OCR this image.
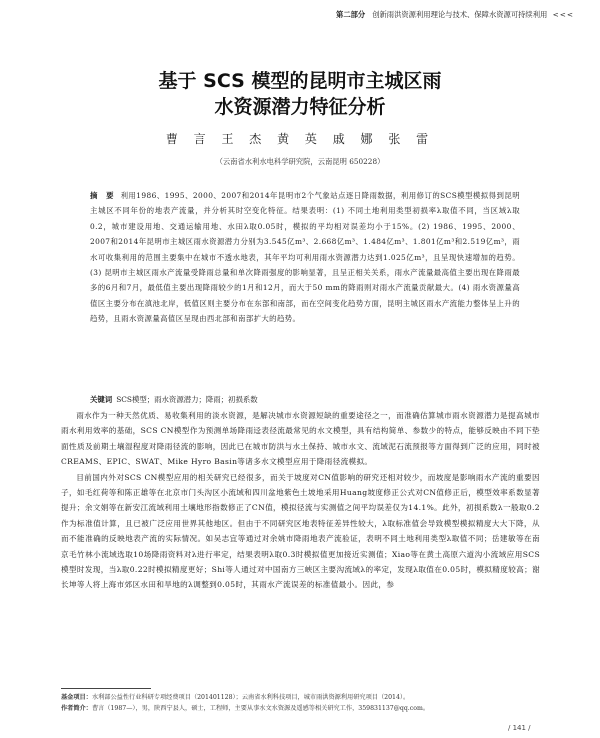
第二部分 创新雨洪资源利用理论与技术、保障水资源可持续利用 <<<
基于 SCS 模型的昆明市主城区雨
水资源潜力特征分析
曹 言 王 杰 黄 英 戚 娜 张 雷
（云南省水利水电科学研究院，云南昆明 650228）
摘 要 利用1986、1995、2000、2007和2014年昆明市2个气象站点逐日降雨数据，利用修订的SCS模型模拟得到昆明主城区不同年份的地表产流量，并分析其时空变化特征。结果表明：(1) 不同土地利用类型初损率λ取值不同，当区域λ取0.2，城市建设用地、交通运输用地、水田λ取0.05时，模拟的平均相对误差均小于15%。(2) 1986、1995、2000、2007和2014年昆明市主城区雨水资源潜力分别为3.545亿m³、2.668亿m³、1.484亿m³、1.801亿m³和2.519亿m³，雨水可收集利用的范围主要集中在城市不透水地表，其年平均可利用雨水资源潜力达到1.025亿m³，且呈现快速增加的趋势。(3) 昆明市主城区雨水产流量受降雨总量和单次降雨强度的影响显著，且呈正相关关系，雨水产流量最高值主要出现在降雨最多的6月和7月，最低值主要出现降雨较少的1月和12月，而大于50 mm的降雨则对雨水产流量贡献最大。(4) 雨水资源量高值区主要分布在滇池北岸，低值区则主要分布在东部和南部，而在空间变化趋势方面，昆明主城区雨水产流能力整体呈上升的趋势，且雨水资源量高值区呈现由西北部和南部扩大的趋势。
关键词 SCS模型；雨水资源潜力；降雨；初损系数

雨水作为一种天然优质、易收集利用的淡水资源，是解决城市水资源短缺的重要途径之一，而准确估算城市雨水资源潜力是提高城市雨水利用效率的基础，SCS CN模型作为预测单场降雨迳表径流最常见的水文模型，具有结构简单、参数少的特点，能够反映由不同下垫面性质及前期土壤湿程度对降雨径流的影响，因此已在城市防洪与水土保持、城市水文、流域泥石流预报等方面得到广泛的应用，同时被CREAMS、EPIC、SWAT、Mike Hyro Basin等诸多水文模型应用于降雨径流模拟。

目前国内外对SCS CN模型应用的相关研究已经很多，而关于坡度对CN值影响的研究还相对较少，而坡度是影响雨水产流的重要因子，如毛红荷等和陈正雄等在北京市门头沟区小流域和四川盆地紫色土坡地采用Huang坡度修正公式对CN值修正后，模型效率系数显著提升；余文娟等在新安江流域利用土壤地形指数修正了CN值，模拟径流与实测值之间平均误差仅为14.1%。此外，初损系数λ一般取0.2作为标准值计算，且已被广泛应用世界其他地区。但由于不同研究区地表特征差异性较大，λ取标准值会导致模型模拟精度大大下降，从而不能准确的反映地表产流的实际情况。如吴志宜等通过对余姚市降雨地表产流验证，表明不同土地利用类型λ取值不同；岳建敏等在南京毛竹林小流域选取10场降雨资料对λ进行率定，结果表明λ取0.3时模拟值更加接近实测值；Xiao等在黄土高原六道沟小流域应用SCS模型时发现，当λ取0.22时模拟精度更好；Shi等人通过对中国南方三峡区主要沟流域λ的率定，发现λ取值在0.05时，模拟精度较高；谢长坤等人将上海市郊区水田和旱地的λ调整到0.05时，其雨水产流误差的标准值最小。因此，参

基金项目：水利部公益性行业科研专项经费项目（201401128）；云南省水利科技项目，城市雨洪资源利用研究项目（2014）。
作者简介：曹言（1987—），男，陕西宁县人，硕士，工程师，主要从事水文水资源及遥感等相关研究工作，359831137@qq.com。
/ 141 /
